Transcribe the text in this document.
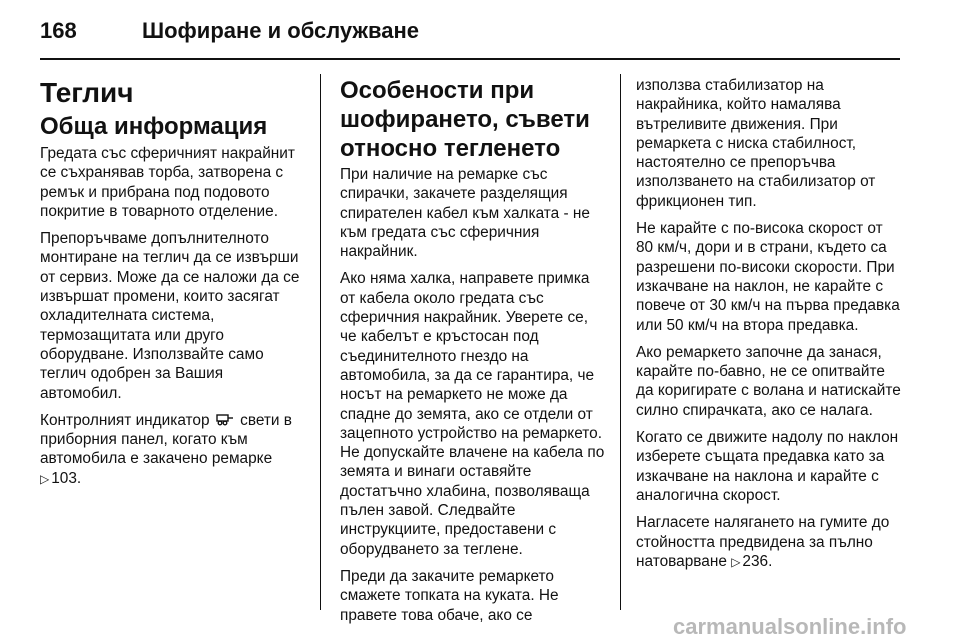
168	Шофиране и обслужване
Теглич
Обща информация

Гредата със сферичният накрайнит се съхранявав торба, затворена с ремък и прибрана под подовото покритие в товарното отделение.

Препоръчваме допълнителното монтиране на теглич да се извърши от сервиз. Може да се наложи да се извършат промени, които засягат охладителната система, термозащитата или друго оборудване. Използвайте само теглич одобрен за Вашия автомобил.

Контролният индикатор свети в приборния панел, когато към автомобила е закачено ремарке
▷ 103.

Особености при шофирането, съвети относно тегленето

При наличие на ремарке със спирачки, закачете разделящия спирателен кабел към халката - не към гредата със сферичния накрайник.

Ако няма халка, направете примка от кабела около гредата със сферичния накрайник. Уверете се, че кабелът е кръстосан под съединителното гнездо на автомобила, за да се гарантира, че носът на ремаркето не може да спадне до земята, ако се отдели от зацепното устройство на ремаркето. Не допускайте влачене на кабела по земята и винаги оставяйте достатъчно хлабина, позволяваща пълен завой. Следвайте инструкциите, предоставени с оборудването за теглене.

Преди да закачите ремаркето смажете топката на куката. Не правете това обаче, ако се

използва стабилизатор на накрайника, който намалява вътреливите движения. При ремаркета с ниска стабилност, настоятелно се препоръчва използването на стабилизатор от фрикционен тип.

Не карайте с по-висока скорост от 80 км/ч, дори и в страни, където са разрешени по-високи скорости. При изкачване на наклон, не карайте с повече от 30 км/ч на първа предавка или 50 км/ч на втора предавка.

Ако ремаркето започне да занася, карайте по-бавно, не се опитвайте да коригирате с волана и натискайте силно спирачката, ако се налага.

Когато се движите надолу по наклон изберете същата предавка като за изкачване на наклона и карайте с аналогична скорост.

Нагласете налягането на гумите до стойността предвидена за пълно натоварване ▷ 236.

carmanualsonline.info
